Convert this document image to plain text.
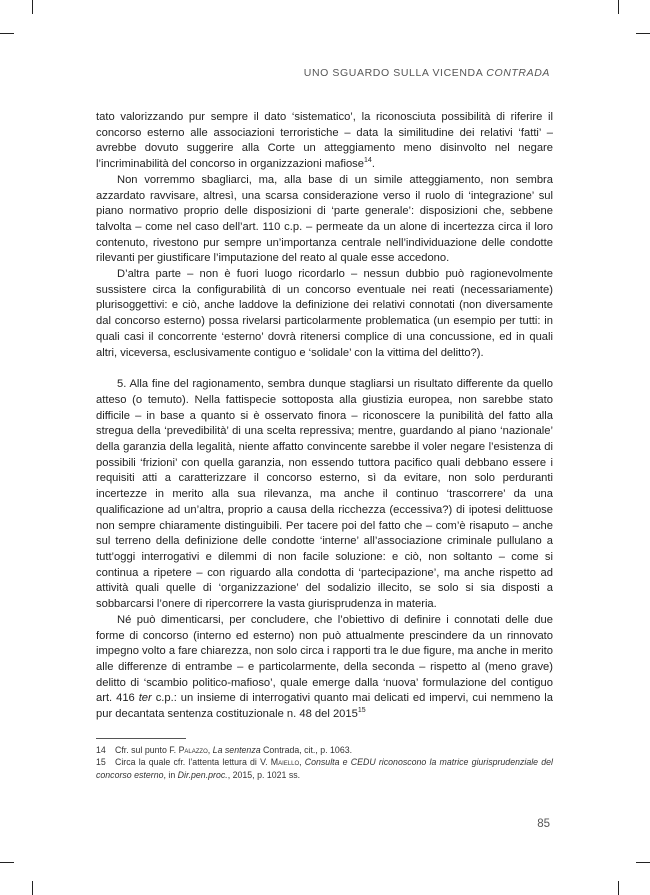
UNO SGUARDO SULLA VICENDA CONTRADA

tato valorizzando pur sempre il dato ‘sistematico’, la riconosciuta possibilità di riferire il concorso esterno alle associazioni terroristiche – data la similitudine dei relativi ‘fatti’ – avrebbe dovuto suggerire alla Corte un atteggiamento meno disinvolto nel negare l’incriminabilità del concorso in organizzazioni mafiose$^{14}$.

Non vorremmo sbagliarci, ma, alla base di un simile atteggiamento, non sembra azzardato ravvisare, altresì, una scarsa considerazione verso il ruolo di ‘integrazione’ sul piano normativo proprio delle disposizioni di ‘parte generale’: disposizioni che, sebbene talvolta – come nel caso dell’art. 110 c.p. – permeate da un alone di incertezza circa il loro contenuto, rivestono pur sempre un’importanza centrale nell’individuazione delle condotte rilevanti per giustificare l’imputazione del reato al quale esse accedono.

D’altra parte – non è fuori luogo ricordarlo – nessun dubbio può ragionevolmente sussistere circa la configurabilità di un concorso eventuale nei reati (necessariamente) plurisoggettivi: e ciò, anche laddove la definizione dei relativi connotati (non diversamente dal concorso esterno) possa rivelarsi particolarmente problematica (un esempio per tutti: in quali casi il concorrente ‘esterno’ dovrà ritenersi complice di una concussione, ed in quali altri, viceversa, esclusivamente contiguo e ‘solidale’ con la vittima del delitto?).

5. Alla fine del ragionamento, sembra dunque stagliarsi un risultato differente da quello atteso (o temuto). Nella fattispecie sottoposta alla giustizia europea, non sarebbe stato difficile – in base a quanto si è osservato finora – riconoscere la punibilità del fatto alla stregua della ‘prevedibilità’ di una scelta repressiva; mentre, guardando al piano ‘nazionale’ della garanzia della legalità, niente affatto convincente sarebbe il voler negare l’esistenza di possibili ‘frizioni’ con quella garanzia, non essendo tuttora pacifico quali debbano essere i requisiti atti a caratterizzare il concorso esterno, sì da evitare, non solo perduranti incertezze in merito alla sua rilevanza, ma anche il continuo ‘trascorrere’ da una qualificazione ad un’altra, proprio a causa della ricchezza (eccessiva?) di ipotesi delittuose non sempre chiaramente distinguibili. Per tacere poi del fatto che – com’è risaputo – anche sul terreno della definizione delle condotte ‘interne’ all’associazione criminale pullulano a tutt’oggi interrogativi e dilemmi di non facile soluzione: e ciò, non soltanto – come si continua a ripetere – con riguardo alla condotta di ‘partecipazione’, ma anche rispetto ad attività quali quelle di ‘organizzazione’ del sodalizio illecito, se solo si sia disposti a sobbarcarsi l’onere di ripercorrere la vasta giurisprudenza in materia.

Né può dimenticarsi, per concludere, che l’obiettivo di definire i connotati delle due forme di concorso (interno ed esterno) non può attualmente prescindere da un rinnovato impegno volto a fare chiarezza, non solo circa i rapporti tra le due figure, ma anche in merito alle differenze di entrambe – e particolarmente, della seconda – rispetto al (meno grave) delitto di ‘scambio politico-mafioso’, quale emerge dalla ‘nuova’ formulazione del contiguo art. 416 ter c.p.: un insieme di interrogativi quanto mai delicati ed impervi, cui nemmeno la pur decantata sentenza costituzionale n. 48 del 2015$^{15}$

14 Cfr. sul punto F. Palazzo, La sentenza Contrada, cit., p. 1063.
15 Circa la quale cfr. l’attenta lettura di V. Maiello, Consulta e CEDU riconoscono la matrice giurisprudenziale del concorso esterno, in Dir.pen.proc., 2015, p. 1021 ss.
85
